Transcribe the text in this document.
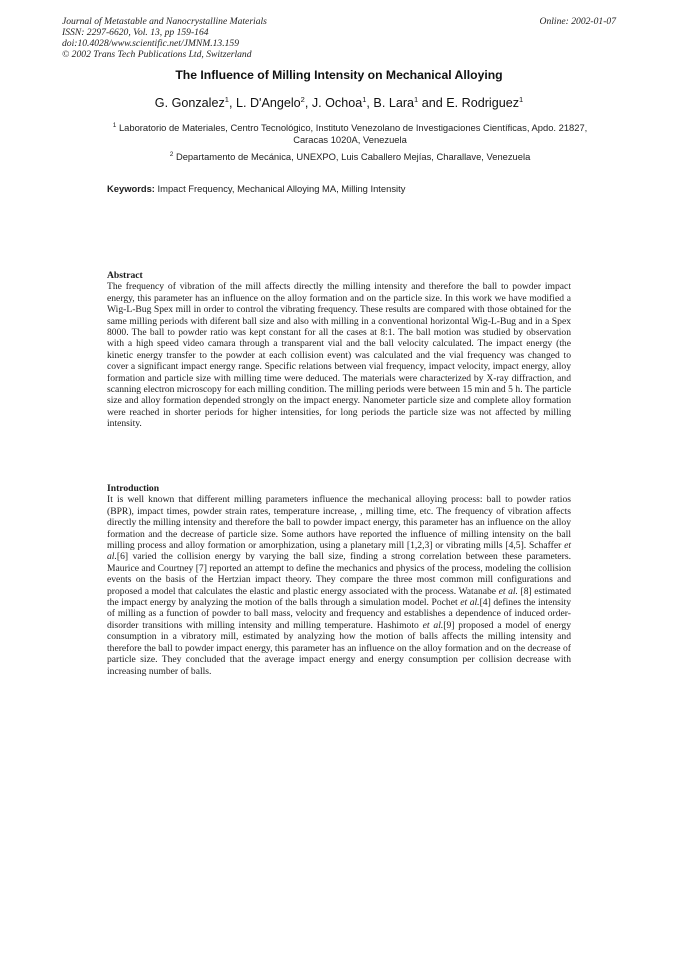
Journal of Metastable and Nanocrystalline Materials
ISSN: 2297-6620, Vol. 13, pp 159-164
doi:10.4028/www.scientific.net/JMNM.13.159
© 2002 Trans Tech Publications Ltd, Switzerland
Online: 2002-01-07
The Influence of Milling Intensity on Mechanical Alloying
G. Gonzalez$^1$, L. D'Angelo$^2$, J. Ochoa$^1$, B. Lara$^1$ and E. Rodriguez$^1$
$^1$ Laboratorio de Materiales, Centro Tecnológico, Instituto Venezolano de Investigaciones Científicas, Apdo. 21827, Caracas 1020A, Venezuela
$^2$ Departamento de Mecánica, UNEXPO, Luis Caballero Mejías, Charallave, Venezuela
Keywords: Impact Frequency, Mechanical Alloying MA, Milling Intensity
Abstract

The frequency of vibration of the mill affects directly the milling intensity and therefore the ball to powder impact energy, this parameter has an influence on the alloy formation and on the particle size. In this work we have modified a Wig-L-Bug Spex mill in order to control the vibrating frequency. These results are compared with those obtained for the same milling periods with diferent ball size and also with milling in a conventional horizontal Wig-L-Bug and in a Spex 8000. The ball to powder ratio was kept constant for all the cases at 8:1. The ball motion was studied by observation with a high speed video camara through a transparent vial and the ball velocity calculated. The impact energy (the kinetic energy transfer to the powder at each collision event) was calculated and the vial frequency was changed to cover a significant impact energy range. Specific relations between vial frequency, impact velocity, impact energy, alloy formation and particle size with milling time were deduced. The materials were characterized by X-ray diffraction, and scanning electron microscopy for each milling condition. The milling periods were between 15 min and 5 h. The particle size and alloy formation depended strongly on the impact energy. Nanometer particle size and complete alloy formation were reached in shorter periods for higher intensities, for long periods the particle size was not affected by milling intensity.

Introduction

It is well known that different milling parameters influence the mechanical alloying process: ball to powder ratios (BPR), impact times, powder strain rates, temperature increase, , milling time, etc. The frequency of vibration affects directly the milling intensity and therefore the ball to powder impact energy, this parameter has an influence on the alloy formation and the decrease of particle size. Some authors have reported the influence of milling intensity on the ball milling process and alloy formation or amorphization, using a planetary mill [1,2,3] or vibrating mills [4,5]. Schaffer et al.[6] varied the collision energy by varying the ball size, finding a strong correlation between these parameters. Maurice and Courtney [7] reported an attempt to define the mechanics and physics of the process, modeling the collision events on the basis of the Hertzian impact theory. They compare the three most common mill configurations and proposed a model that calculates the elastic and plastic energy associated with the process. Watanabe et al. [8] estimated the impact energy by analyzing the motion of the balls through a simulation model. Pochet et al.[4] defines the intensity of milling as a function of powder to ball mass, velocity and frequency and establishes a dependence of induced order-disorder transitions with milling intensity and milling temperature. Hashimoto et al.[9] proposed a model of energy consumption in a vibratory mill, estimated by analyzing how the motion of balls affects the milling intensity and therefore the ball to powder impact energy, this parameter has an influence on the alloy formation and on the decrease of particle size. They concluded that the average impact energy and energy consumption per collision decrease with increasing number of balls.
